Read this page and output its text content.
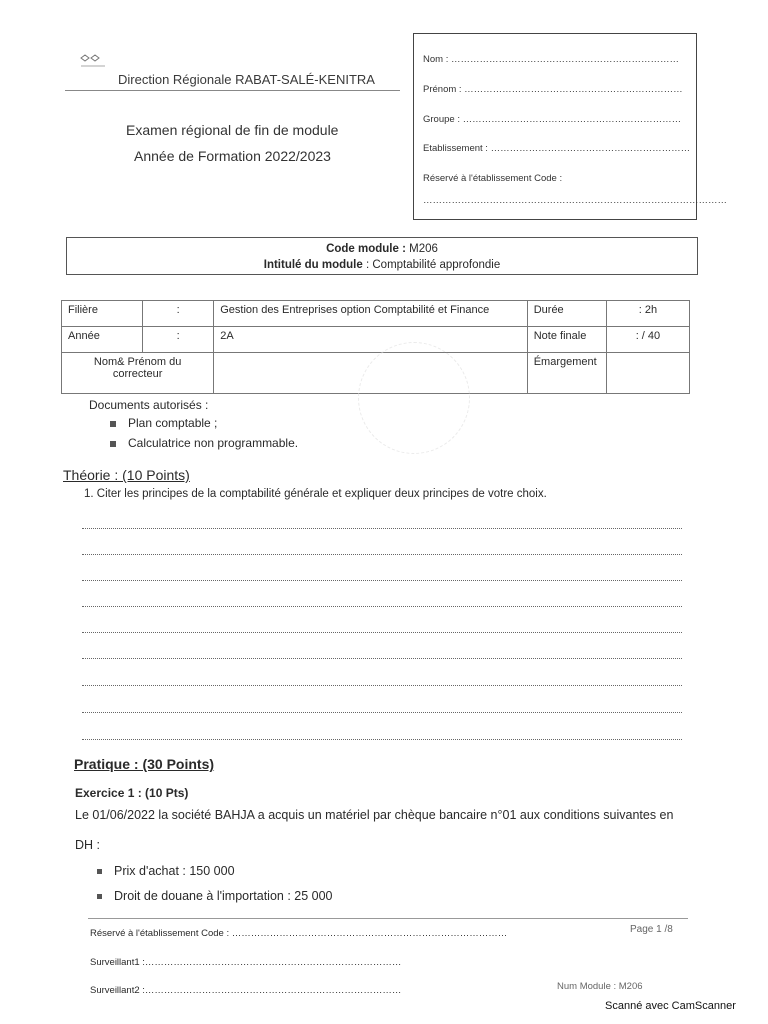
Direction Régionale RABAT-SALÉ-KENITRA
Examen régional de fin de module
Année de Formation 2022/2023
Nom : ………………………………………………………………
Prénom : ……………………………………………………………
Groupe : ……………………………………………………………
Etablissement : ………………………………………………………
Réservé à l'établissement Code :
……………………………………………………………………………………
Code module : M206
Intitulé du module : Comptabilité approfondie
Filière	:	Gestion des Entreprises option Comptabilité et Finance	Durée	: 2h
Année	:	2A	Note finale	: / 40
Nom& Prénom du correcteur			Émargement	
Documents autorisés :
Plan comptable ;
Calculatrice non programmable.
Théorie : (10 Points)
1. Citer les principes de la comptabilité générale et expliquer deux principes de votre choix.
Pratique : (30 Points)
Exercice 1 : (10 Pts)
Le 01/06/2022 la société BAHJA a acquis un matériel par chèque bancaire n°01 aux conditions suivantes en
DH :
Prix d'achat : 150 000
Droit de douane à l'importation : 25 000
Réservé à l'établissement Code : ……………………………………………………………………………
Surveillant1 :………………………………………………………………………
Surveillant2 :………………………………………………………………………
Page 1 /8
Num Module : M206
Scanné avec CamScanner
